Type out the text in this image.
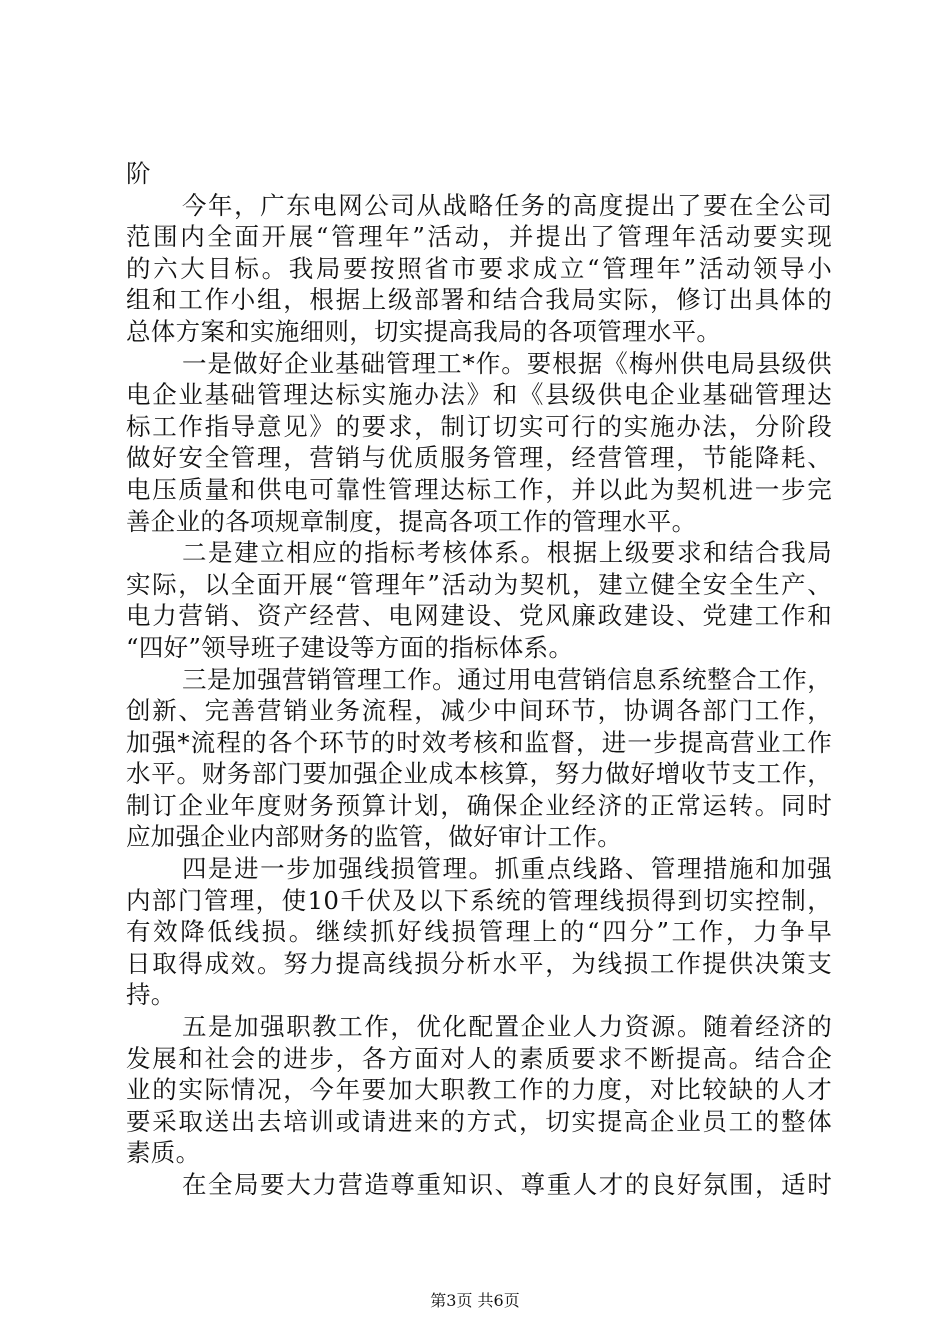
阶
今年，广东电网公司从战略任务的高度提出了要在全公司
范围内全面开展“管理年”活动，并提出了管理年活动要实现
的六大目标。我局要按照省市要求成立“管理年”活动领导小
组和工作小组，根据上级部署和结合我局实际，修订出具体的
总体方案和实施细则，切实提高我局的各项管理水平。
一是做好企业基础管理工*作。要根据《梅州供电局县级供
电企业基础管理达标实施办法》和《县级供电企业基础管理达
标工作指导意见》的要求，制订切实可行的实施办法，分阶段
做好安全管理，营销与优质服务管理，经营管理，节能降耗、
电压质量和供电可靠性管理达标工作，并以此为契机进一步完
善企业的各项规章制度，提高各项工作的管理水平。
二是建立相应的指标考核体系。根据上级要求和结合我局
实际，以全面开展“管理年”活动为契机，建立健全安全生产、
电力营销、资产经营、电网建设、党风廉政建设、党建工作和
“四好”领导班子建设等方面的指标体系。
三是加强营销管理工作。通过用电营销信息系统整合工作，
创新、完善营销业务流程，减少中间环节，协调各部门工作，
加强*流程的各个环节的时效考核和监督，进一步提高营业工作
水平。财务部门要加强企业成本核算，努力做好增收节支工作，
制订企业年度财务预算计划，确保企业经济的正常运转。同时
应加强企业内部财务的监管，做好审计工作。
四是进一步加强线损管理。抓重点线路、管理措施和加强
内部门管理，使10千伏及以下系统的管理线损得到切实控制，
有效降低线损。继续抓好线损管理上的“四分”工作，力争早
日取得成效。努力提高线损分析水平，为线损工作提供决策支
持。
五是加强职教工作，优化配置企业人力资源。随着经济的
发展和社会的进步，各方面对人的素质要求不断提高。结合企
业的实际情况，今年要加大职教工作的力度，对比较缺的人才
要采取送出去培训或请进来的方式，切实提高企业员工的整体
素质。
在全局要大力营造尊重知识、尊重人才的良好氛围，适时
第3页 共6页
